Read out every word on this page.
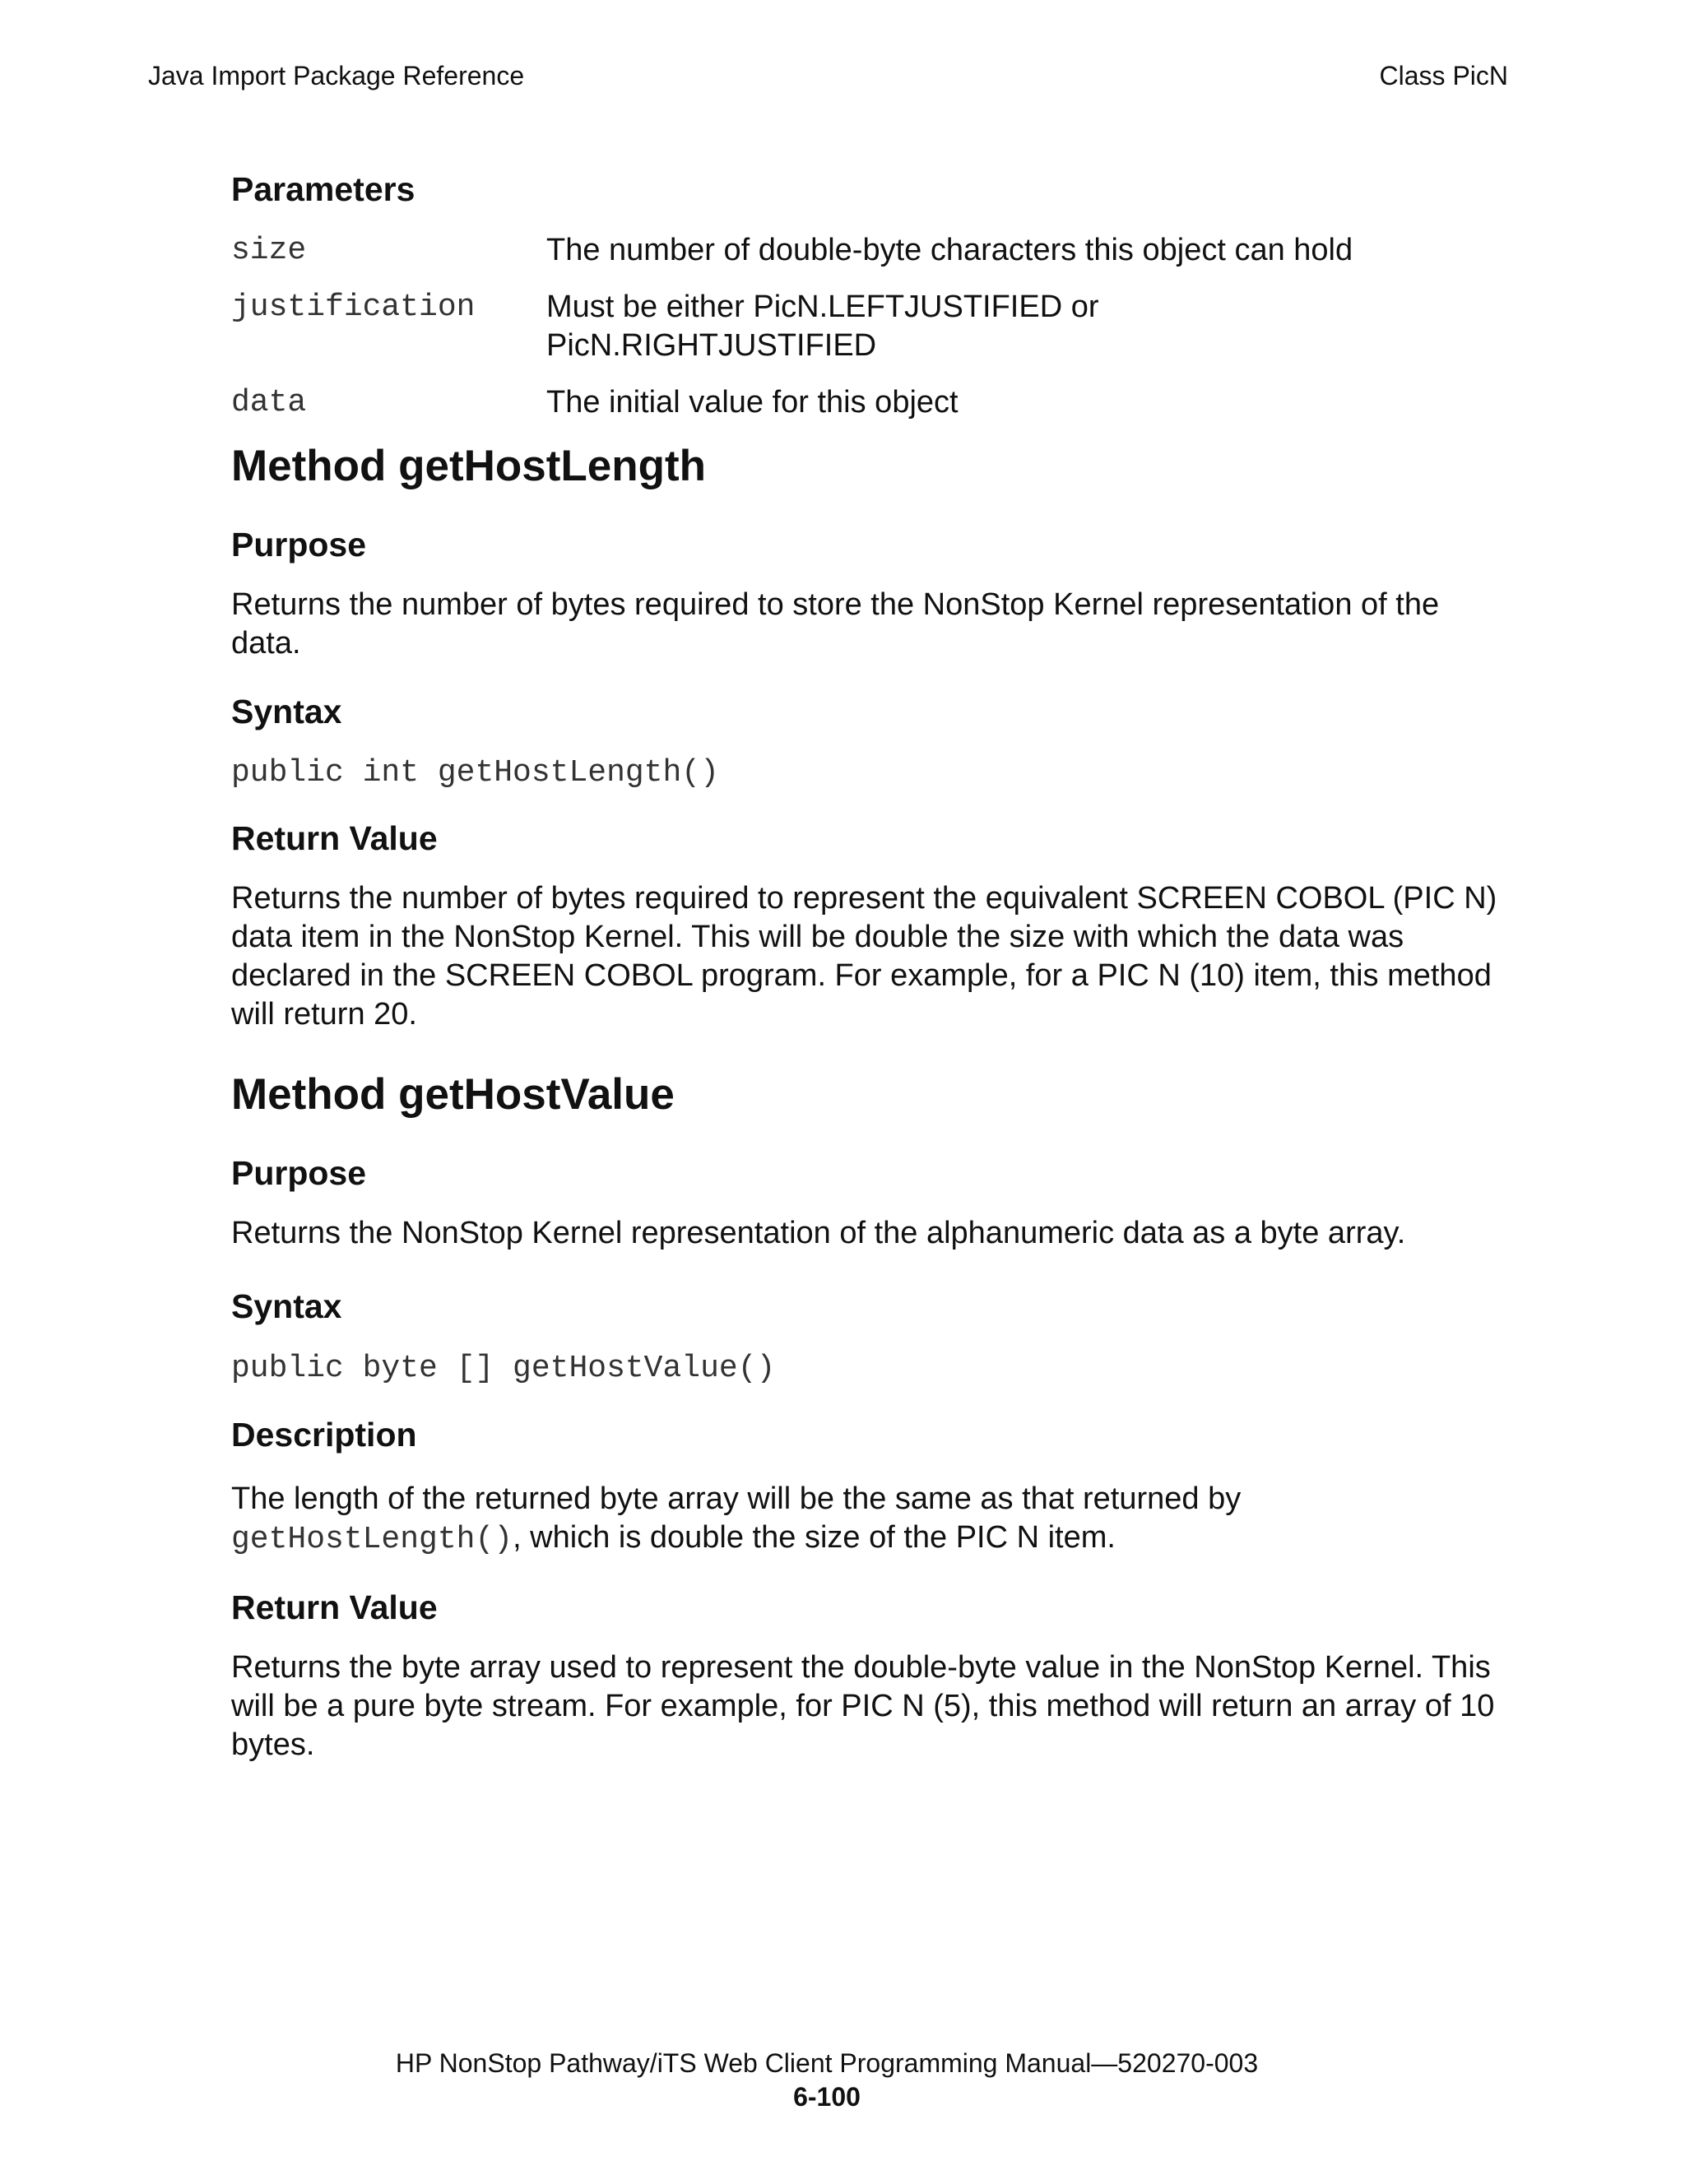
Java Import Package Reference	Class PicN
Parameters
size	The number of double-byte characters this object can hold
justification	Must be either PicN.LEFTJUSTIFIED or
PicN.RIGHTJUSTIFIED
data	The initial value for this object
Method getHostLength
Purpose

Returns the number of bytes required to store the NonStop Kernel representation of the data.

Syntax
public int getHostLength()
Return Value

Returns the number of bytes required to represent the equivalent SCREEN COBOL (PIC N) data item in the NonStop Kernel. This will be double the size with which the data was declared in the SCREEN COBOL program. For example, for a PIC N (10) item, this method will return 20.

Method getHostValue
Purpose

Returns the NonStop Kernel representation of the alphanumeric data as a byte array.

Syntax
public byte [] getHostValue()
Description

The length of the returned byte array will be the same as that returned by getHostLength(), which is double the size of the PIC N item.

Return Value

Returns the byte array used to represent the double-byte value in the NonStop Kernel. This will be a pure byte stream. For example, for PIC N (5), this method will return an array of 10 bytes.

HP NonStop Pathway/iTS Web Client Programming Manual—520270-003
6-100
